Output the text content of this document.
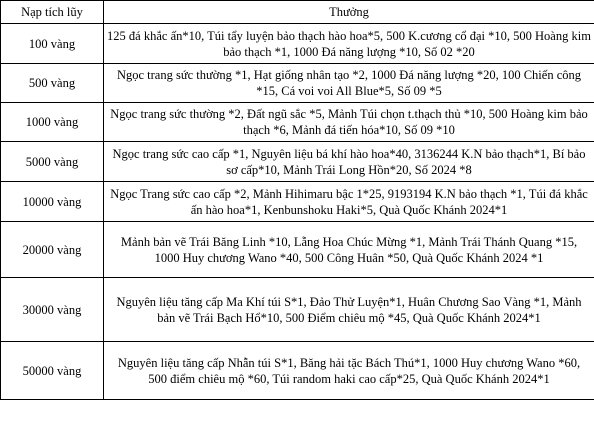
Nạp tích lũy	Thưởng
100 vàng	125 đá khắc ấn*10, Túi tẩy luyện bảo thạch hào hoa*5, 500 K.cương cổ đại *10, 500 Hoàng kim bảo thạch *1, 1000 Đá năng lượng *10, Số 02 *20
500 vàng	Ngọc trang sức thường *1, Hạt giống nhân tạo *2, 1000 Đá năng lượng *20, 100 Chiến công *15, Cá voi voi All Blue*5, Số 09 *5
1000 vàng	Ngọc trang sức thường *2, Đất ngũ sắc *5, Mảnh Túi chọn t.thạch thủ *10, 500 Hoàng kim bảo thạch *6, Mảnh đá tiến hóa*10, Số 09 *10
5000 vàng	Ngọc trang sức cao cấp *1, Nguyên liệu bá khí hào hoa*40, 3136244 K.N bảo thạch*1, Bí bảo sơ cấp*10, Mảnh Trái Long Hồn*20, Số 2024 *8
10000 vàng	Ngọc Trang sức cao cấp *2, Mảnh Hihimaru bậc 1*25, 9193194 K.N bảo thạch *1, Túi đá khắc ấn hào hoa*1, Kenbunshoku Haki*5, Quà Quốc Khánh 2024*1
20000 vàng	Mảnh bản vẽ Trái Băng Linh *10, Lẵng Hoa Chúc Mừng *1, Mảnh Trái Thánh Quang *15, 1000 Huy chương Wano *40, 500 Công Huân *50, Quà Quốc Khánh 2024 *1
30000 vàng	Nguyên liệu tăng cấp Ma Khí túi S*1, Đảo Thử Luyện*1, Huân Chương Sao Vàng *1, Mảnh bản vẽ Trái Bạch Hổ*10, 500 Điểm chiêu mộ *45, Quà Quốc Khánh 2024*1
50000 vàng	Nguyên liệu tăng cấp Nhẫn túi S*1, Băng hải tặc Bách Thú*1, 1000 Huy chương Wano *60, 500 điểm chiêu mộ *60, Túi random haki cao cấp*25, Quà Quốc Khánh 2024*1
